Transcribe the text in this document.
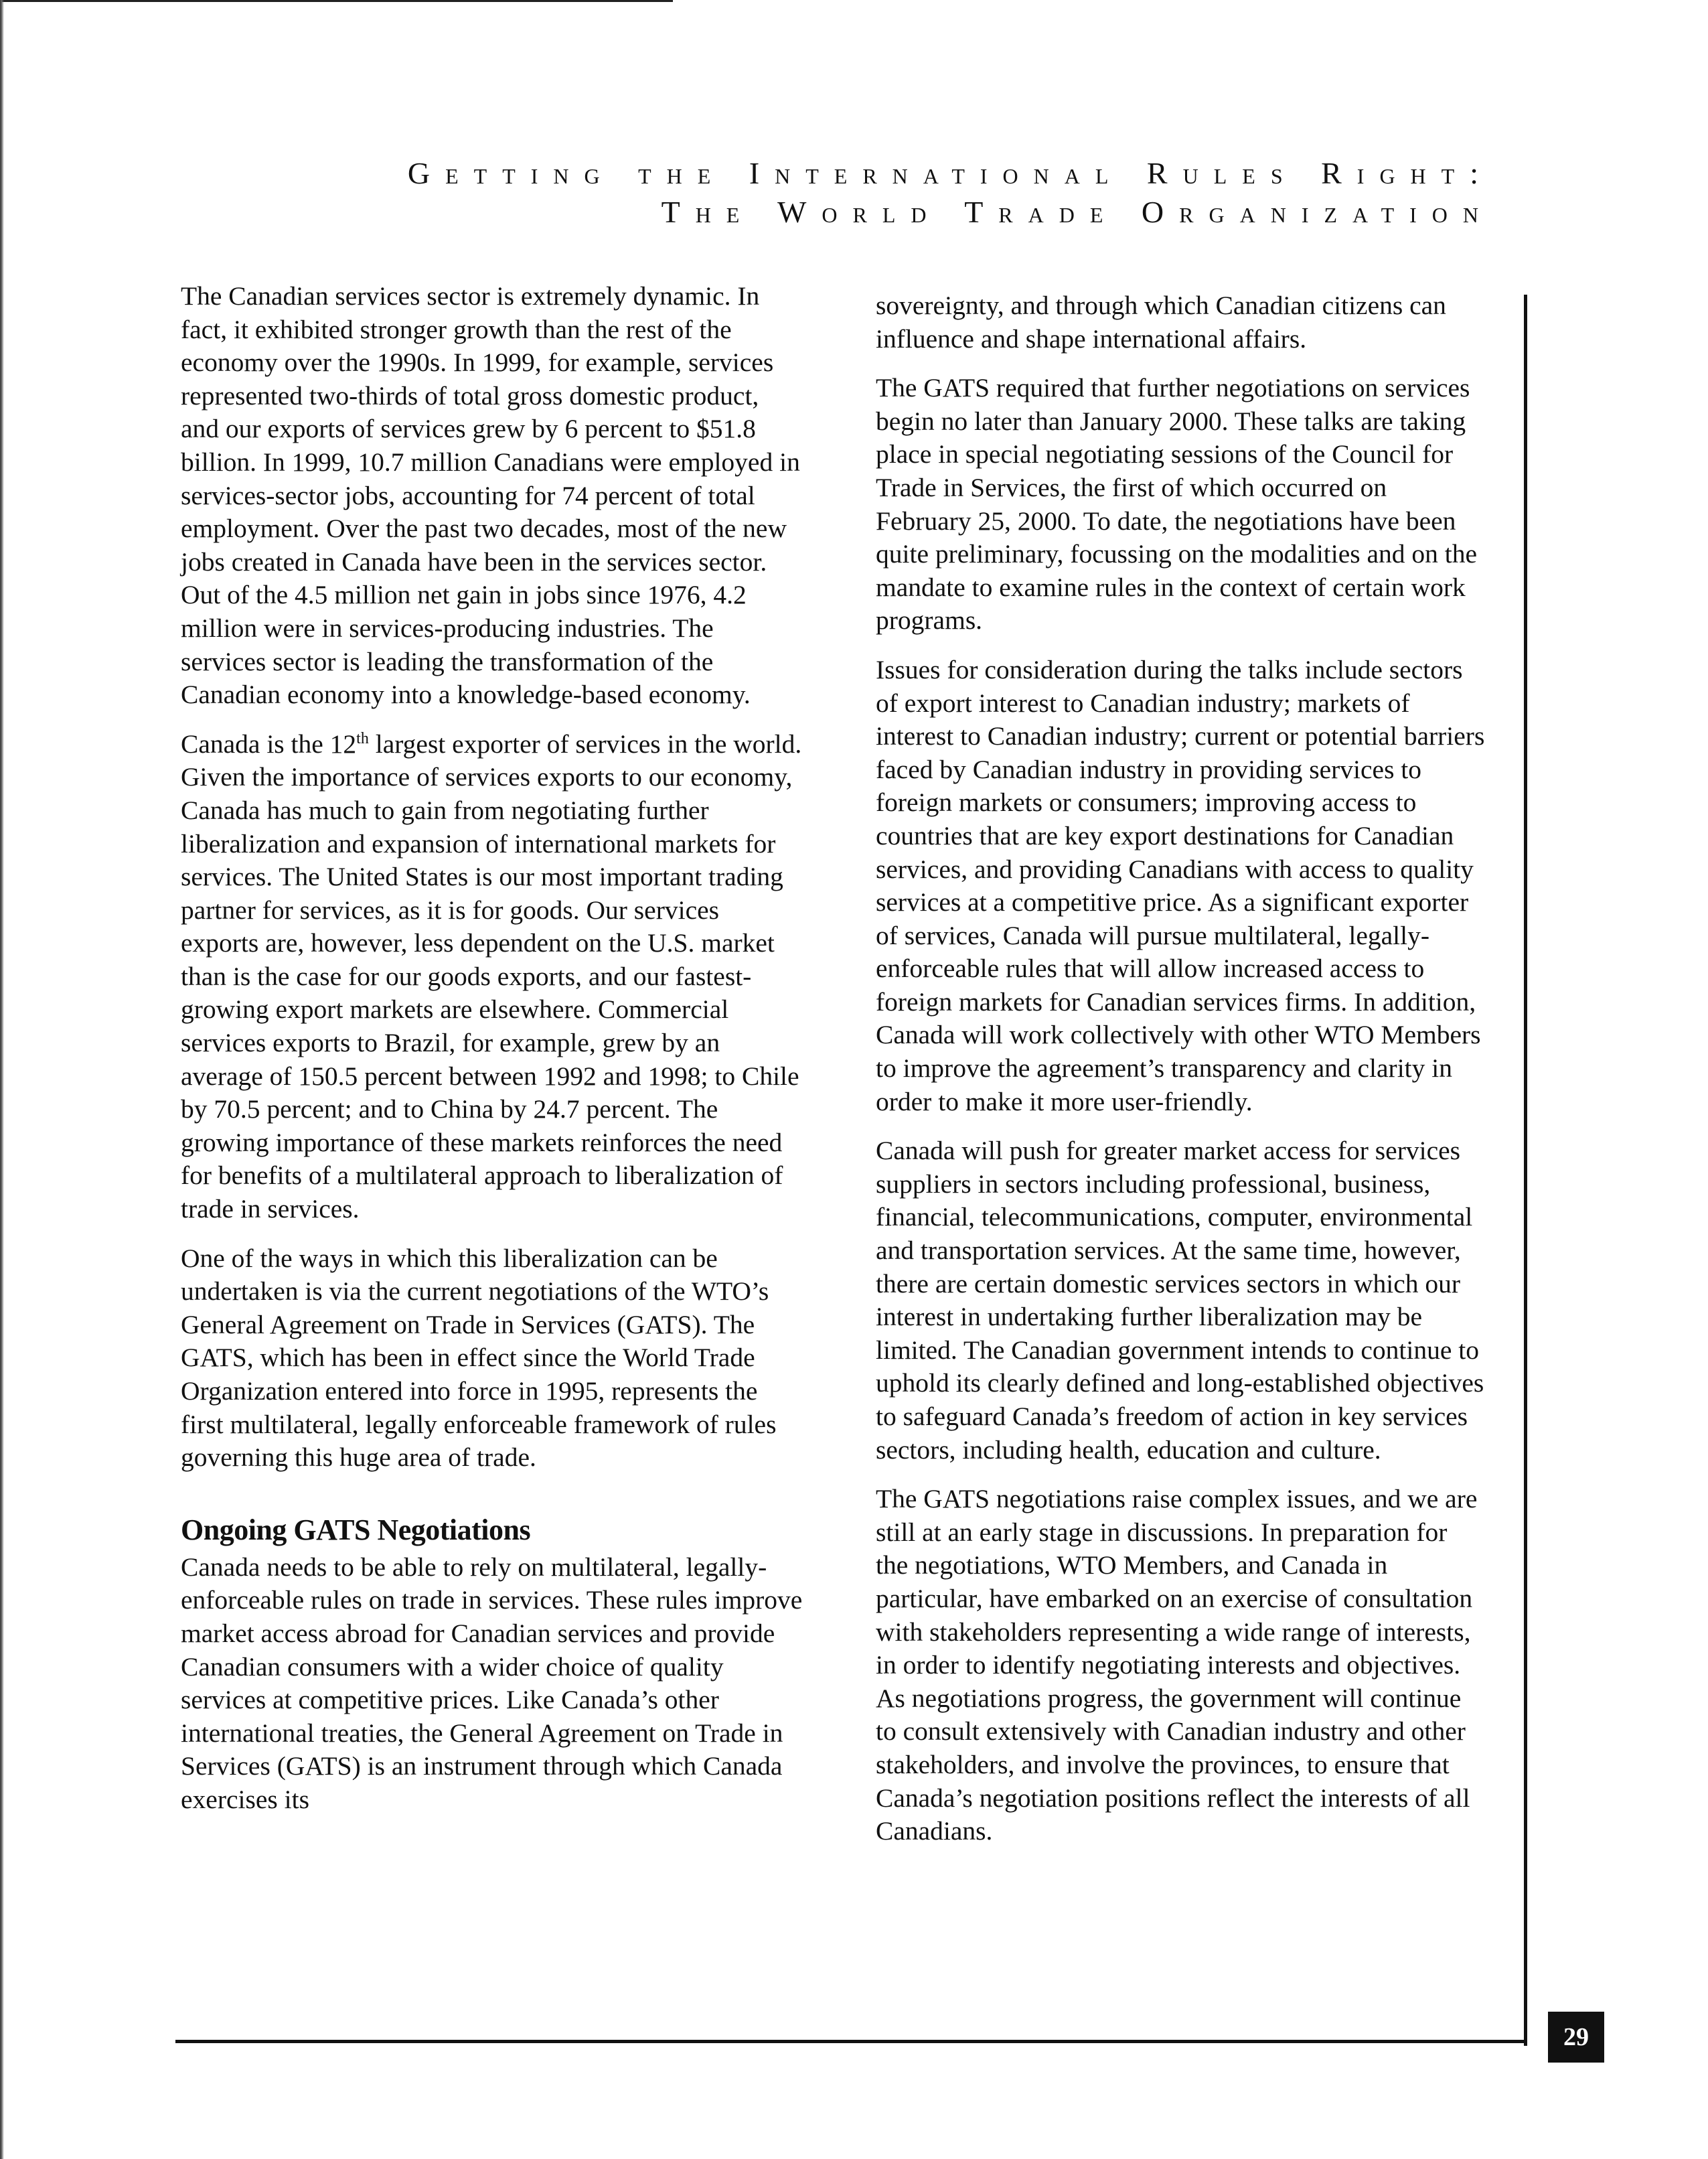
Getting the International Rules Right:
The World Trade Organization

The Canadian services sector is extremely dynamic. In fact, it exhibited stronger growth than the rest of the economy over the 1990s. In 1999, for example, services represented two-thirds of total gross domestic product, and our exports of services grew by 6 percent to $51.8 billion. In 1999, 10.7 million Canadians were employed in services-sector jobs, accounting for 74 percent of total employment. Over the past two decades, most of the new jobs created in Canada have been in the services sector. Out of the 4.5 million net gain in jobs since 1976, 4.2 million were in services-producing industries. The services sector is leading the transformation of the Canadian economy into a knowledge-based economy.

Canada is the 12th largest exporter of services in the world. Given the importance of services exports to our economy, Canada has much to gain from negotiating further liberalization and expansion of international markets for services. The United States is our most important trading partner for services, as it is for goods. Our services exports are, however, less dependent on the U.S. market than is the case for our goods exports, and our fastest-growing export markets are elsewhere. Commercial services exports to Brazil, for example, grew by an average of 150.5 percent between 1992 and 1998; to Chile by 70.5 percent; and to China by 24.7 percent. The growing importance of these markets reinforces the need for benefits of a multilateral approach to liberalization of trade in services.

One of the ways in which this liberalization can be undertaken is via the current negotiations of the WTO’s General Agreement on Trade in Services (GATS). The GATS, which has been in effect since the World Trade Organization entered into force in 1995, represents the first multilateral, legally enforceable framework of rules governing this huge area of trade.

Ongoing GATS Negotiations

Canada needs to be able to rely on multilateral, legally-enforceable rules on trade in services. These rules improve market access abroad for Canadian services and provide Canadian consumers with a wider choice of quality services at competitive prices. Like Canada’s other international treaties, the General Agreement on Trade in Services (GATS) is an instrument through which Canada exercises its

sovereignty, and through which Canadian citizens can influence and shape international affairs.

The GATS required that further negotiations on services begin no later than January 2000. These talks are taking place in special negotiating sessions of the Council for Trade in Services, the first of which occurred on February 25, 2000. To date, the negotiations have been quite preliminary, focussing on the modalities and on the mandate to examine rules in the context of certain work programs.

Issues for consideration during the talks include sectors of export interest to Canadian industry; markets of interest to Canadian industry; current or potential barriers faced by Canadian industry in providing services to foreign markets or consumers; improving access to countries that are key export destinations for Canadian services, and providing Canadians with access to quality services at a competitive price. As a significant exporter of services, Canada will pursue multilateral, legally-enforceable rules that will allow increased access to foreign markets for Canadian services firms. In addition, Canada will work collectively with other WTO Members to improve the agreement’s transparency and clarity in order to make it more user-friendly.

Canada will push for greater market access for services suppliers in sectors including professional, business, financial, telecommunications, computer, environmental and transportation services. At the same time, however, there are certain domestic services sectors in which our interest in undertaking further liberalization may be limited. The Canadian government intends to continue to uphold its clearly defined and long-established objectives to safeguard Canada’s freedom of action in key services sectors, including health, education and culture.

The GATS negotiations raise complex issues, and we are still at an early stage in discussions. In preparation for the negotiations, WTO Members, and Canada in particular, have embarked on an exercise of consultation with stakeholders representing a wide range of interests, in order to identify negotiating interests and objectives. As negotiations progress, the government will continue to consult extensively with Canadian industry and other stakeholders, and involve the provinces, to ensure that Canada’s negotiation positions reflect the interests of all Canadians.

29
